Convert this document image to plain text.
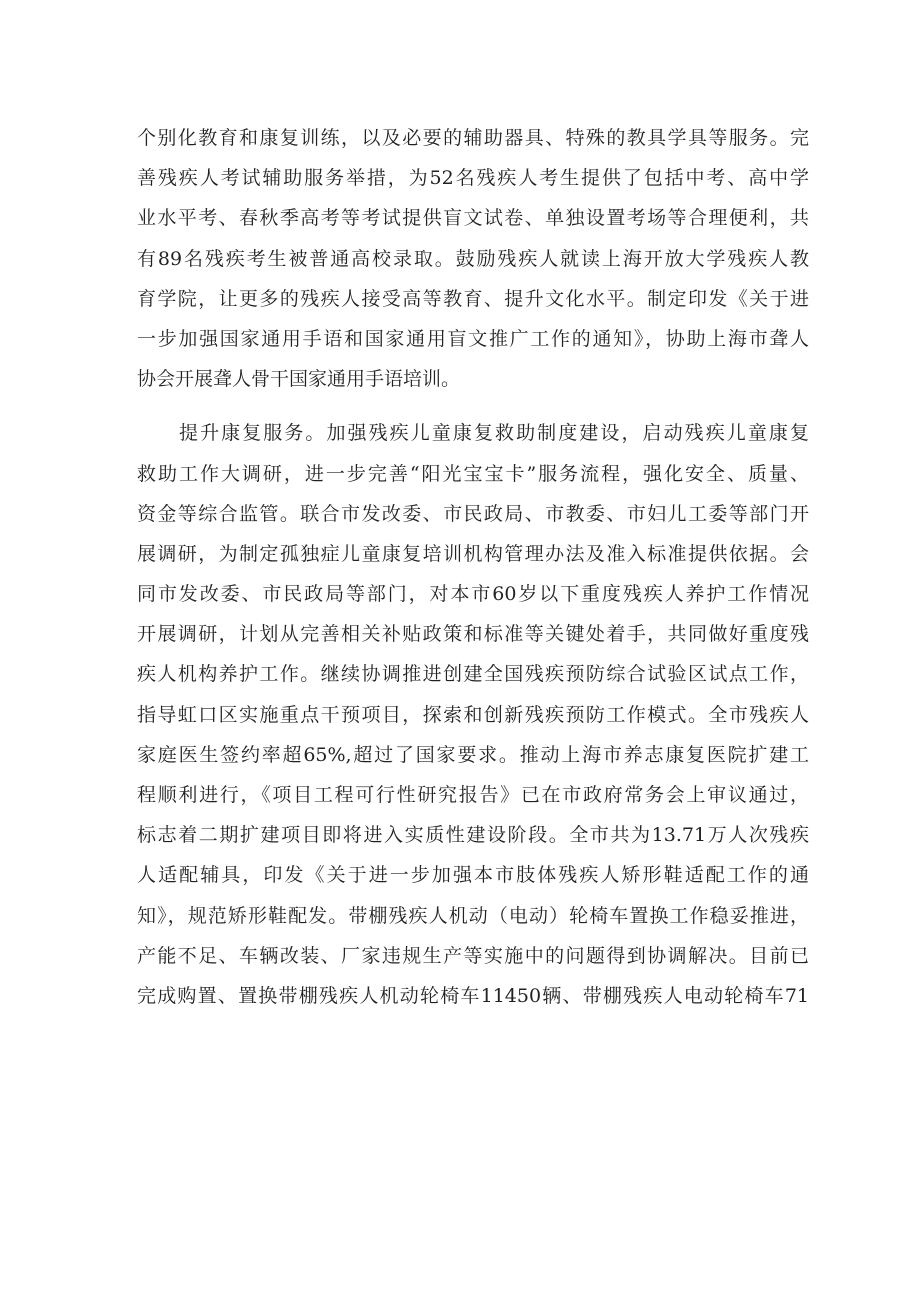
个别化教育和康复训练，以及必要的辅助器具、特殊的教具学具等服务。完
善残疾人考试辅助服务举措，为52名残疾人考生提供了包括中考、高中学
业水平考、春秋季高考等考试提供盲文试卷、单独设置考场等合理便利，共
有89名残疾考生被普通高校录取。鼓励残疾人就读上海开放大学残疾人教
育学院，让更多的残疾人接受高等教育、提升文化水平。制定印发《关于进
一步加强国家通用手语和国家通用盲文推广工作的通知》，协助上海市聋人
协会开展聋人骨干国家通用手语培训。
提升康复服务。加强残疾儿童康复救助制度建设，启动残疾儿童康复
救助工作大调研，进一步完善“阳光宝宝卡”服务流程，强化安全、质量、
资金等综合监管。联合市发改委、市民政局、市教委、市妇儿工委等部门开
展调研，为制定孤独症儿童康复培训机构管理办法及准入标准提供依据。会
同市发改委、市民政局等部门，对本市60岁以下重度残疾人养护工作情况
开展调研，计划从完善相关补贴政策和标准等关键处着手，共同做好重度残
疾人机构养护工作。继续协调推进创建全国残疾预防综合试验区试点工作，
指导虹口区实施重点干预项目，探索和创新残疾预防工作模式。全市残疾人
家庭医生签约率超65%,超过了国家要求。推动上海市养志康复医院扩建工
程顺利进行，《项目工程可行性研究报告》已在市政府常务会上审议通过，
标志着二期扩建项目即将进入实质性建设阶段。全市共为13.71万人次残疾
人适配辅具，印发《关于进一步加强本市肢体残疾人矫形鞋适配工作的通
知》，规范矫形鞋配发。带棚残疾人机动（电动）轮椅车置换工作稳妥推进，
产能不足、车辆改装、厂家违规生产等实施中的问题得到协调解决。目前已
完成购置、置换带棚残疾人机动轮椅车11450辆、带棚残疾人电动轮椅车71
